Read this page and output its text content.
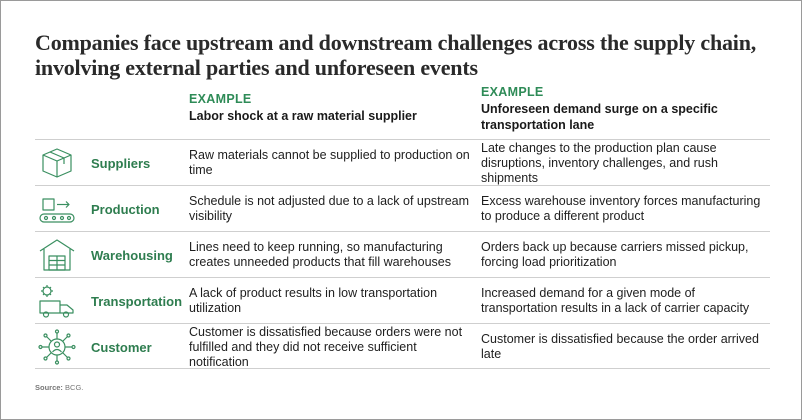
Companies face upstream and downstream challenges across the supply chain, involving external parties and unforeseen events
EXAMPLE
Labor shock at a raw material supplier
EXAMPLE
Unforeseen demand surge on a specific transportation lane
Suppliers
Raw materials cannot be supplied to production on time
Late changes to the production plan cause disruptions, inventory challenges, and rush shipments
Production
Schedule is not adjusted due to a lack of upstream visibility
Excess warehouse inventory forces manufacturing to produce a different product
Warehousing
Lines need to keep running, so manufacturing creates unneeded products that fill warehouses
Orders back up because carriers missed pickup, forcing load prioritization
Transportation
A lack of product results in low transportation utilization
Increased demand for a given mode of transportation results in a lack of carrier capacity
Customer
Customer is dissatisfied because orders were not fulfilled and they did not receive sufficient notification
Customer is dissatisfied because the order arrived late
Source: BCG.
